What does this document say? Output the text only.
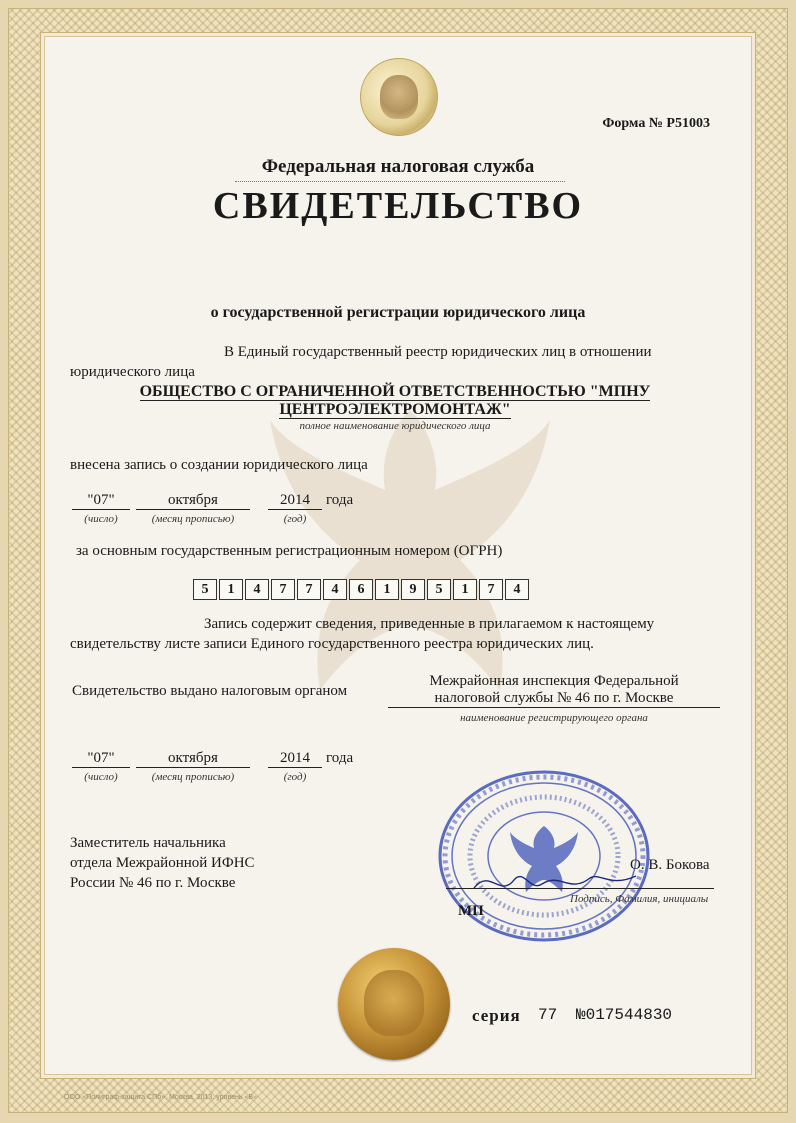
Форма № Р51003
Федеральная налоговая служба
СВИДЕТЕЛЬСТВО
о государственной регистрации юридического лица
В Единый государственный реестр юридических лиц в отношении
юридического лица
ОБЩЕСТВО С ОГРАНИЧЕННОЙ ОТВЕТСТВЕННОСТЬЮ "МПНУ
ЦЕНТРОЭЛЕКТРОМОНТАЖ"
полное наименование юридического лица
внесена запись о создании юридического лица
"07"	октября	2014	года
(число)	(месяц прописью)	(год)
за основным государственным регистрационным номером (ОГРН)
5	1	4	7	7	4	6	1	9	5	1	7	4
Запись содержит сведения, приведенные в прилагаемом к настоящему
свидетельству листе записи Единого государственного реестра юридических лиц.
Свидетельство выдано налоговым органом
Межрайонная инспекция Федеральной
налоговой службы № 46 по г. Москве
наименование регистрирующего органа
"07"	октября	2014	года
(число)	(месяц прописью)	(год)
Заместитель начальника
отдела Межрайонной ИФНС
России № 46 по г. Москве
О. В. Бокова
Подпись, Фамилия, инициалы
МП
серия 77 №017544830
ООО «Полиграф-защита СПб», Москва, 2013, уровень «В»
